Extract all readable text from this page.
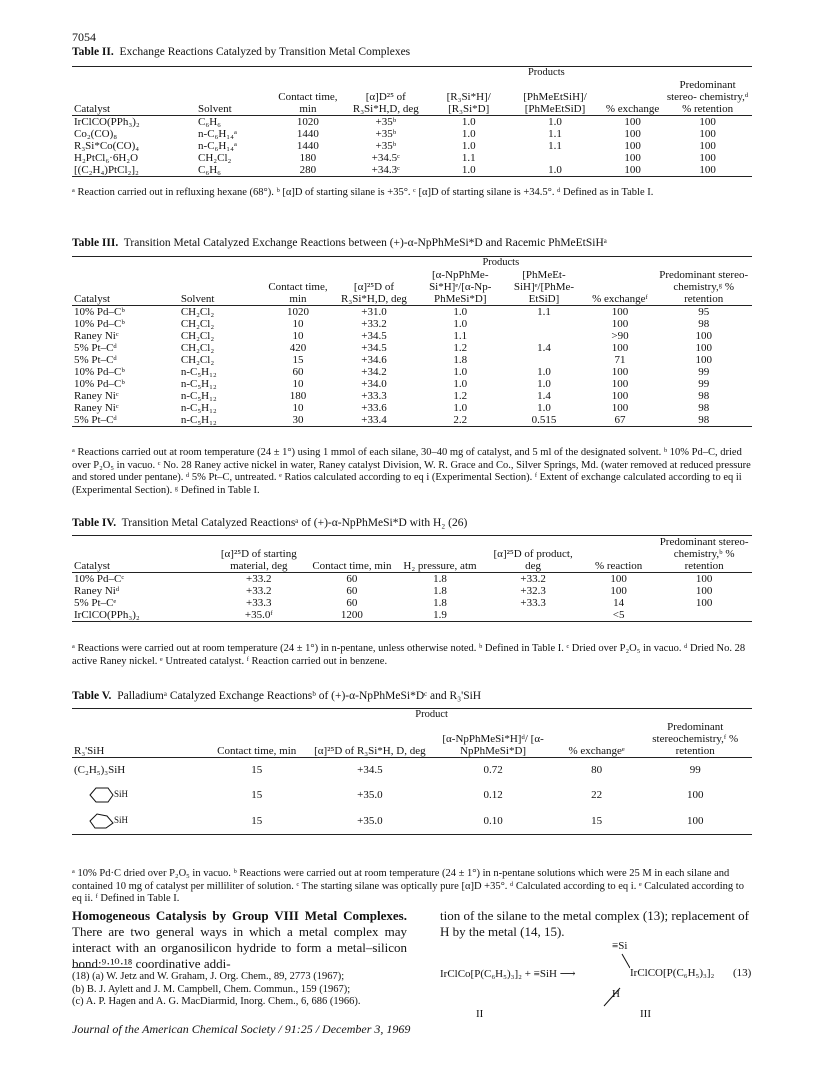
7054
Table II. Exchange Reactions Catalyzed by Transition Metal Complexes
				Products			
Catalyst	Solvent	Contact time, min	[α]D²⁵ of R₃Si*H,D, deg	[R₃Si*H]/ [R₃Si*D]	[PhMeEtSiH]/ [PhMeEtSiD]	% exchange	Predominant stereo- chemistry,ᵈ % retention
IrClCO(PPh₃)₂	C₆H₆	1020	+35ᵇ	1.0	1.0	100	100
Co₂(CO)₈	n-C₆H₁₄ᵃ	1440	+35ᵇ	1.0	1.1	100	100
R₃Si*Co(CO)₄	n-C₆H₁₄ᵃ	1440	+35ᵇ	1.0	1.1	100	100
H₂PtCl₆·6H₂O	CH₂Cl₂	180	+34.5ᶜ	1.1		100	100
[(C₂H₄)PtCl₂]₂	C₆H₆	280	+34.3ᶜ	1.0	1.0	100	100
ᵃ Reaction carried out in refluxing hexane (68°). ᵇ [α]D of starting silane is +35°. ᶜ [α]D of starting silane is +34.5°. ᵈ Defined as in Table I.
Table III. Transition Metal Catalyzed Exchange Reactions between (+)-α-NpPhMeSi*D and Racemic PhMeEtSiHᵃ
				Products			
Catalyst	Solvent	Contact time, min	[α]²⁵D of R₃Si*H,D, deg	[α-NpPhMe- Si*H]ᵉ/[α-Np- PhMeSi*D]	[PhMeEt- SiH]ᵉ/[PhMe- EtSiD]	% exchangeᶠ	Predominant stereo- chemistry,ᵍ % retention
10% Pd–Cᵇ	CH₂Cl₂	1020	+31.0	1.0	1.1	100	95
10% Pd–Cᵇ	CH₂Cl₂	10	+33.2	1.0		100	98
Raney Niᶜ	CH₂Cl₂	10	+34.5	1.1		>90	100
5% Pt–Cᵈ	CH₂Cl₂	420	+34.5	1.2	1.4	100	100
5% Pt–Cᵈ	CH₂Cl₂	15	+34.6	1.8		71	100
10% Pd–Cᵇ	n-C₅H₁₂	60	+34.2	1.0	1.0	100	99
10% Pd–Cᵇ	n-C₅H₁₂	10	+34.0	1.0	1.0	100	99
Raney Niᶜ	n-C₅H₁₂	180	+33.3	1.2	1.4	100	98
Raney Niᶜ	n-C₅H₁₂	10	+33.6	1.0	1.0	100	98
5% Pt–Cᵈ	n-C₅H₁₂	30	+33.4	2.2	0.515	67	98
ᵃ Reactions carried out at room temperature (24 ± 1°) using 1 mmol of each silane, 30–40 mg of catalyst, and 5 ml of the designated solvent. ᵇ 10% Pd–C, dried over P₂O₅ in vacuo. ᶜ No. 28 Raney active nickel in water, Raney catalyst Division, W. R. Grace and Co., Silver Springs, Md. (water removed at reduced pressure and stored under pentane). ᵈ 5% Pt–C, untreated. ᵉ Ratios calculated according to eq i (Experimental Section). ᶠ Extent of exchange calculated according to eq ii (Experimental Section). ᵍ Defined in Table I.
Table IV. Transition Metal Catalyzed Reactionsᵃ of (+)-α-NpPhMeSi*D with H₂ (26)
Catalyst	[α]²⁵D of starting material, deg	Contact time, min	H₂ pressure, atm	[α]²⁵D of product, deg	% reaction	Predominant stereo- chemistry,ᵇ % retention
10% Pd–Cᶜ	+33.2	60	1.8	+33.2	100	100
Raney Niᵈ	+33.2	60	1.8	+32.3	100	100
5% Pt–Cᵉ	+33.3	60	1.8	+33.3	14	100
IrClCO(PPh₃)₂	+35.0ᶠ	1200	1.9		<5	
ᵃ Reactions were carried out at room temperature (24 ± 1°) in n-pentane, unless otherwise noted. ᵇ Defined in Table I. ᶜ Dried over P₂O₅ in vacuo. ᵈ Dried No. 28 active Raney nickel. ᵉ Untreated catalyst. ᶠ Reaction carried out in benzene.
Table V. Palladiumᵃ Catalyzed Exchange Reactionsᵇ of (+)-α-NpPhMeSi*Dᶜ and R₃'SiH
		Product			
R₃'SiH	Contact time, min	[α]²⁵D of R₃Si*H, D, deg	[α-NpPhMeSi*H]ᵈ/ [α-NpPhMeSi*D]	% exchangeᵉ	Predominant stereochemistry,ᶠ % retention
(C₂H₅)₃SiH	15	+34.5	0.72	80	99
SiH	15	+35.0	0.12	22	100
SiH	15	+35.0	0.10	15	100
ᵃ 10% Pd·C dried over P₂O₅ in vacuo. ᵇ Reactions were carried out at room temperature (24 ± 1°) in n-pentane solutions which were 25 M in each silane and contained 10 mg of catalyst per milliliter of solution. ᶜ The starting silane was optically pure [α]D +35°. ᵈ Calculated according to eq i. ᵉ Calculated according to eq ii. ᶠ Defined in Table I.
Homogeneous Catalysis by Group VIII Metal Complexes. There are two general ways in which a metal complex may interact with an organosilicon hydride to form a metal–silicon bond:⁹·¹⁰·¹⁸ coordinative addi-
(18) (a) W. Jetz and W. Graham, J. Org. Chem., 89, 2773 (1967);
(b) B. J. Aylett and J. M. Campbell, Chem. Commun., 159 (1967);
(c) A. P. Hagen and A. G. MacDiarmid, Inorg. Chem., 6, 686 (1966).
tion of the silane to the metal complex (13); replacement of H by the metal (14, 15).
≡Si
IrClCo[P(C₆H₅)₃]₂ + ≡SiH ⟶	IrClCO[P(C₆H₅)₃]₂ (13)
H
II	III
Journal of the American Chemical Society / 91:25 / December 3, 1969
